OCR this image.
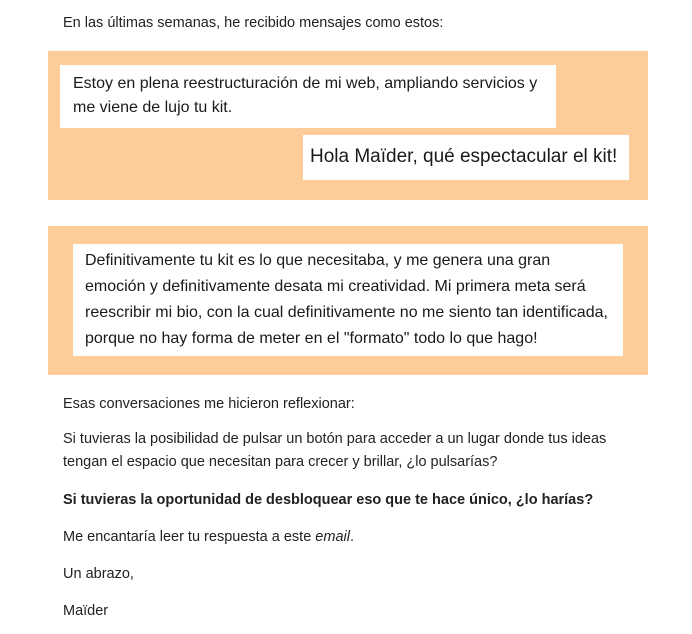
En las últimas semanas, he recibido mensajes como estos:

Estoy en plena reestructuración de mi web, ampliando servicios y me viene de lujo tu kit.
Hola Maïder, qué espectacular el kit!
Definitivamente tu kit es lo que necesitaba, y me genera una gran emoción y definitivamente desata mi creatividad. Mi primera meta será reescribir mi bio, con la cual definitivamente no me siento tan identificada, porque no hay forma de meter en el "formato" todo lo que hago!

Esas conversaciones me hicieron reflexionar:

Si tuvieras la posibilidad de pulsar un botón para acceder a un lugar donde tus ideas tengan el espacio que necesitan para crecer y brillar, ¿lo pulsarías?

Si tuvieras la oportunidad de desbloquear eso que te hace único, ¿lo harías?

Me encantaría leer tu respuesta a este email.

Un abrazo,

Maïder
